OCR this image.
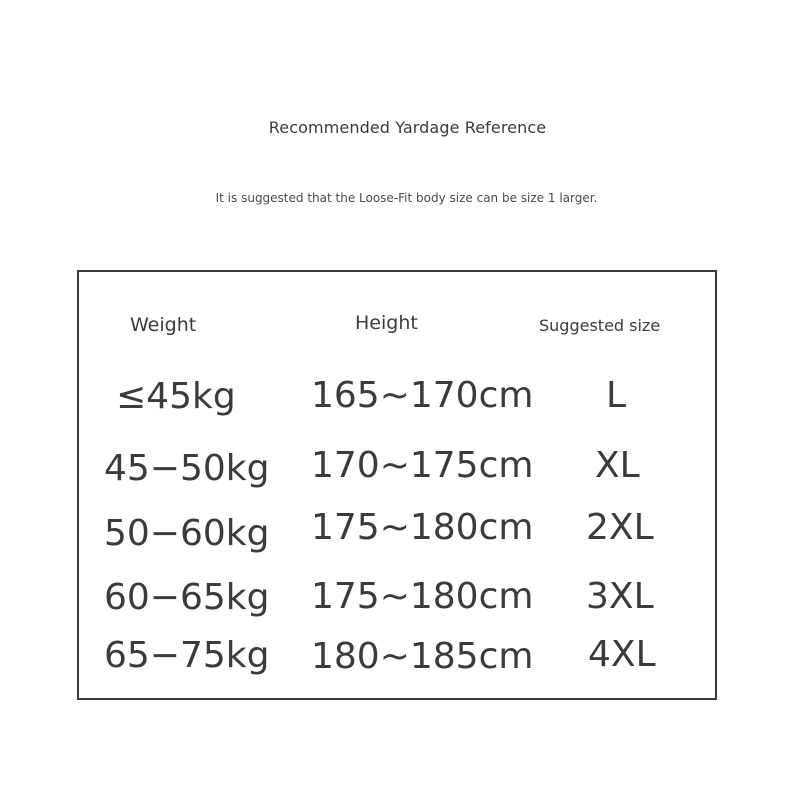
Recommended Yardage Reference
It is suggested that the Loose-Fit body size can be size 1 larger.
Weight	Height	Suggested size
≤45kg 165~170cm L
45−50kg 170~175cm XL
50−60kg 175~180cm 2XL
60−65kg 175~180cm 3XL
65−75kg 180~185cm 4XL
